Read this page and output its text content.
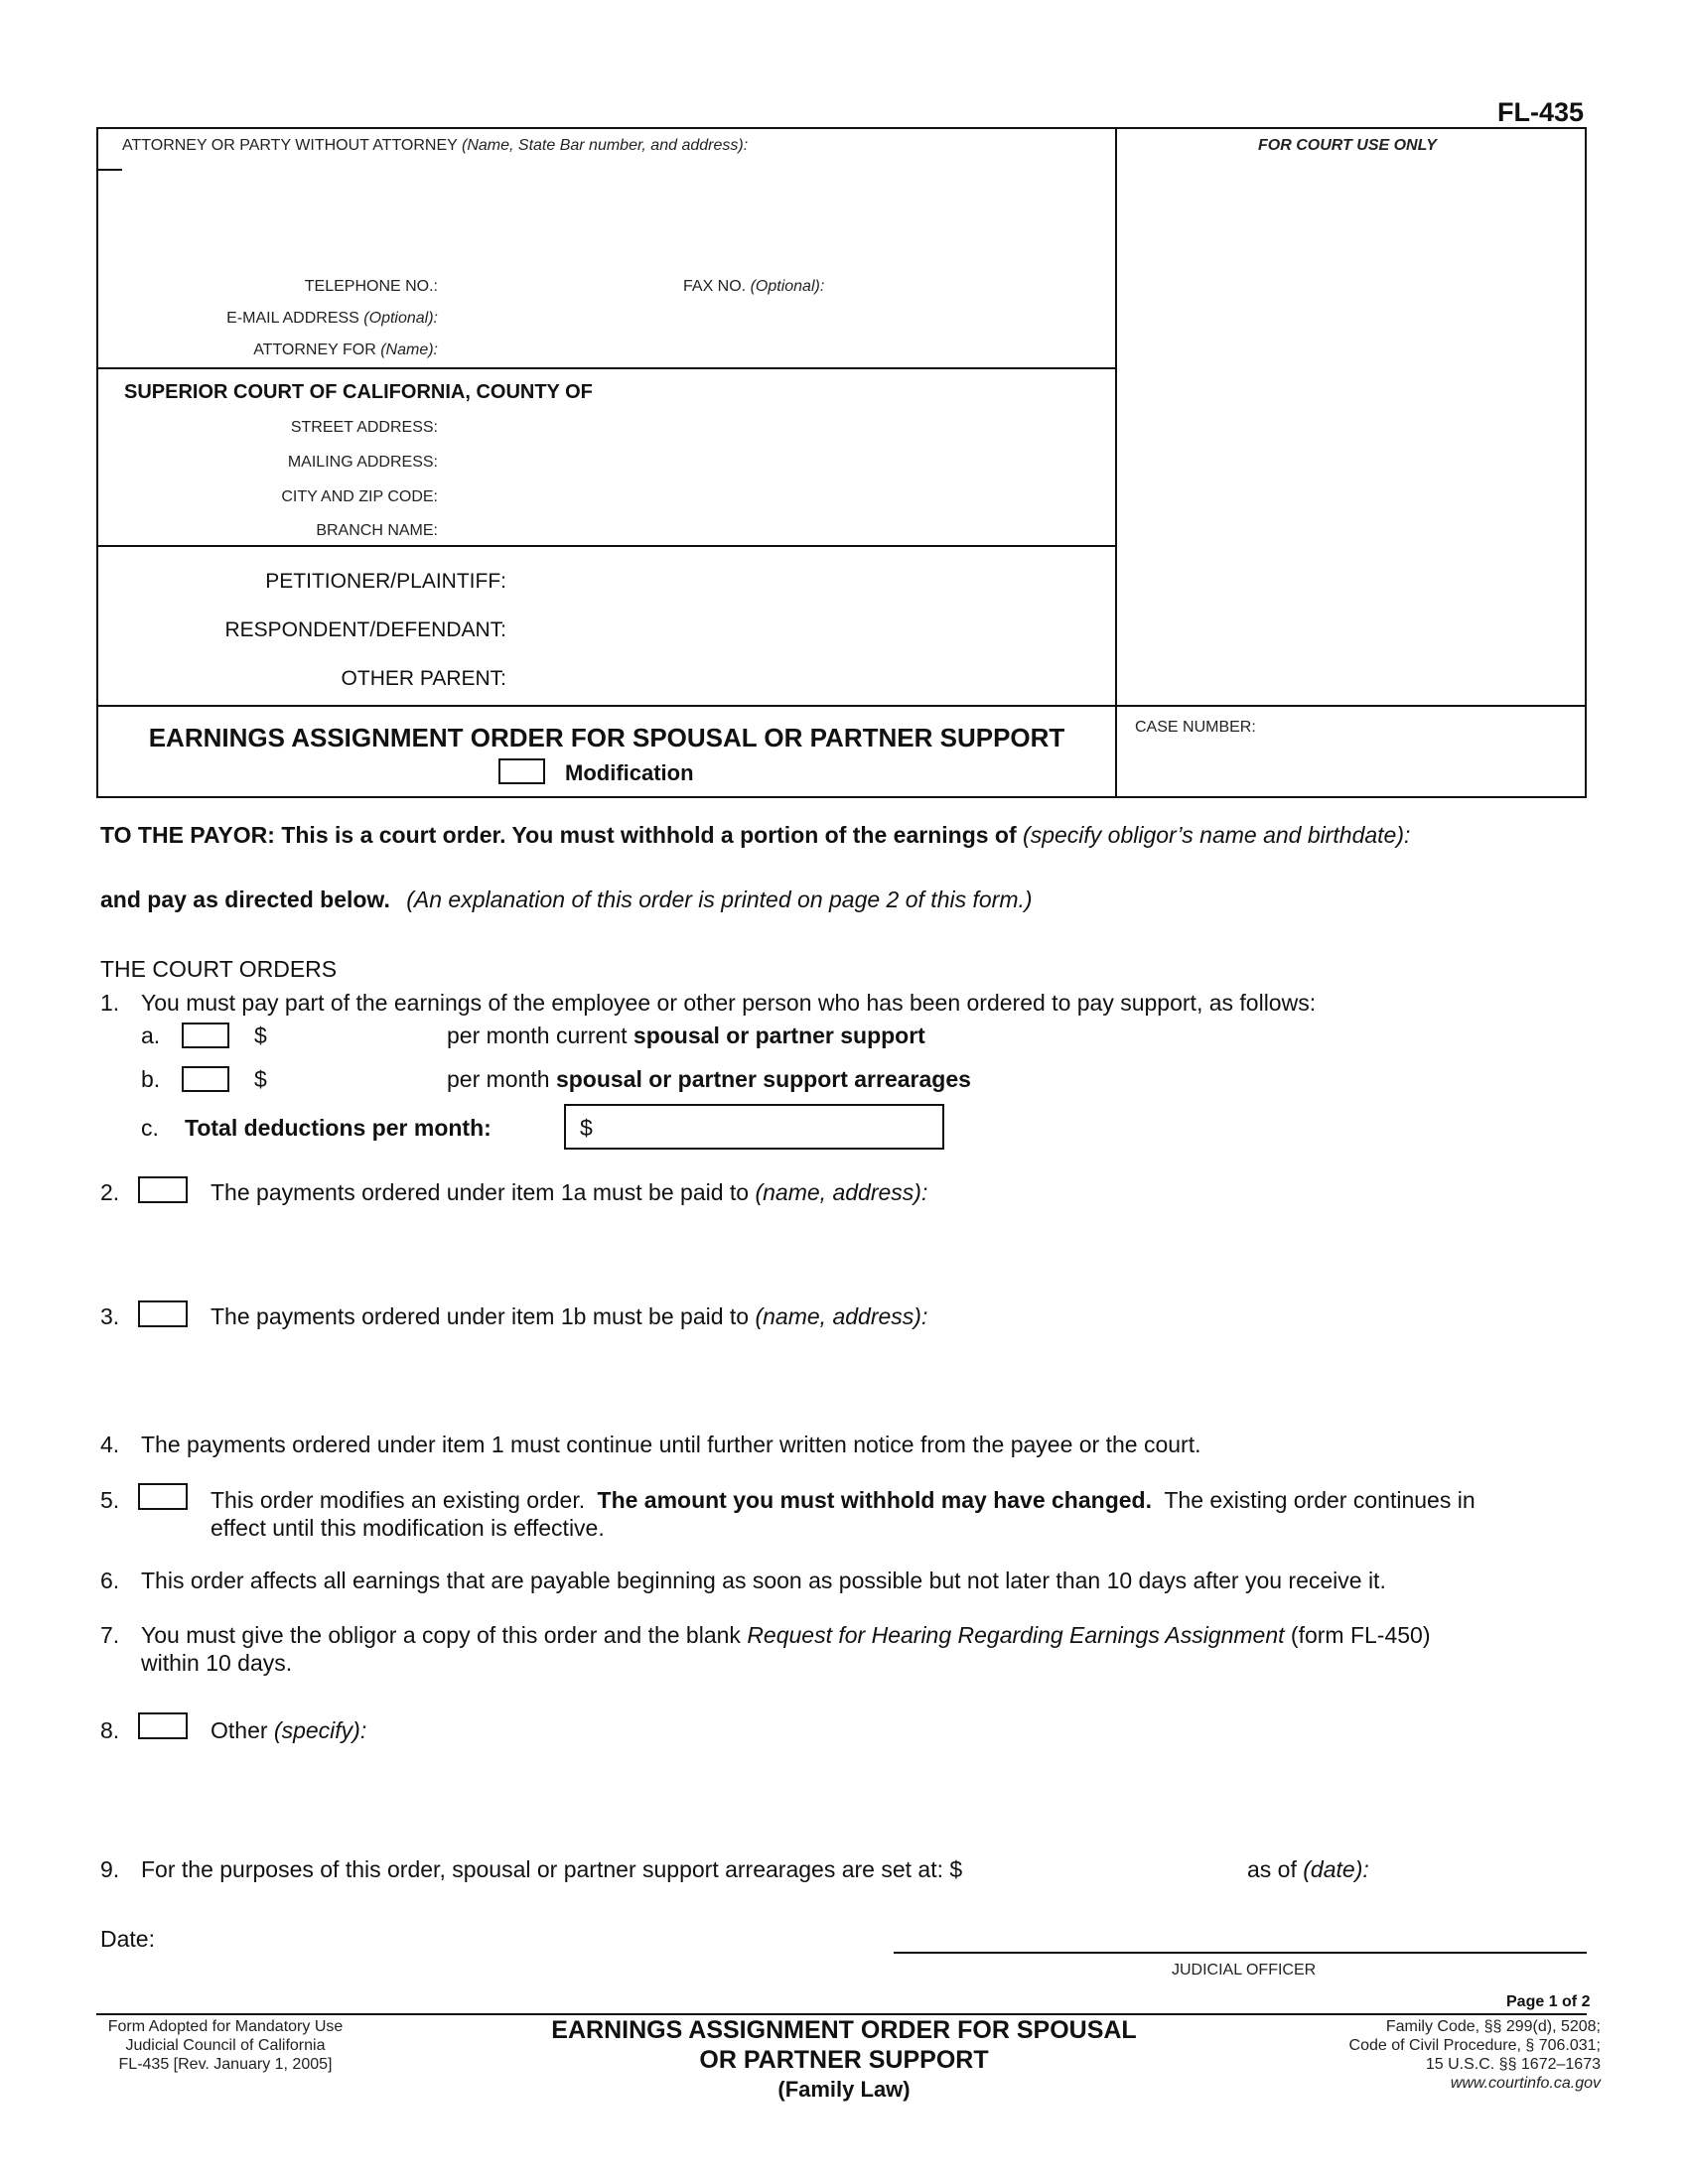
FL-435
ATTORNEY OR PARTY WITHOUT ATTORNEY (Name, State Bar number, and address):	FOR COURT USE ONLY
TELEPHONE NO.:	FAX NO. (Optional):
E-MAIL ADDRESS (Optional):
ATTORNEY FOR (Name):
SUPERIOR COURT OF CALIFORNIA, COUNTY OF
STREET ADDRESS:
MAILING ADDRESS:
CITY AND ZIP CODE:
BRANCH NAME:
PETITIONER/PLAINTIFF:
RESPONDENT/DEFENDANT:
OTHER PARENT:
EARNINGS ASSIGNMENT ORDER FOR SPOUSAL OR PARTNER SUPPORT
Modification
CASE NUMBER:
TO THE PAYOR: This is a court order. You must withhold a portion of the earnings of (specify obligor’s name and birthdate):
and pay as directed below. (An explanation of this order is printed on page 2 of this form.)
THE COURT ORDERS
1. You must pay part of the earnings of the employee or other person who has been ordered to pay support, as follows:
a.	$	per month current spousal or partner support
b.	$	per month spousal or partner support arrearages
c. Total deductions per month:	$
2.	The payments ordered under item 1a must be paid to (name, address):
3.	The payments ordered under item 1b must be paid to (name, address):
4. The payments ordered under item 1 must continue until further written notice from the payee or the court.
5.	This order modifies an existing order. The amount you must withhold may have changed. The existing order continues in
effect until this modification is effective.
6. This order affects all earnings that are payable beginning as soon as possible but not later than 10 days after you receive it.
7. You must give the obligor a copy of this order and the blank Request for Hearing Regarding Earnings Assignment (form FL-450)
within 10 days.
8.	Other (specify):
9. For the purposes of this order, spousal or partner support arrearages are set at: $	as of (date):
Date:
JUDICIAL OFFICER
Page 1 of 2
Form Adopted for Mandatory Use
Judicial Council of California
FL-435 [Rev. January 1, 2005]
EARNINGS ASSIGNMENT ORDER FOR SPOUSAL
OR PARTNER SUPPORT
(Family Law)
Family Code, §§ 299(d), 5208;
Code of Civil Procedure, § 706.031;
15 U.S.C. §§ 1672–1673
www.courtinfo.ca.gov
